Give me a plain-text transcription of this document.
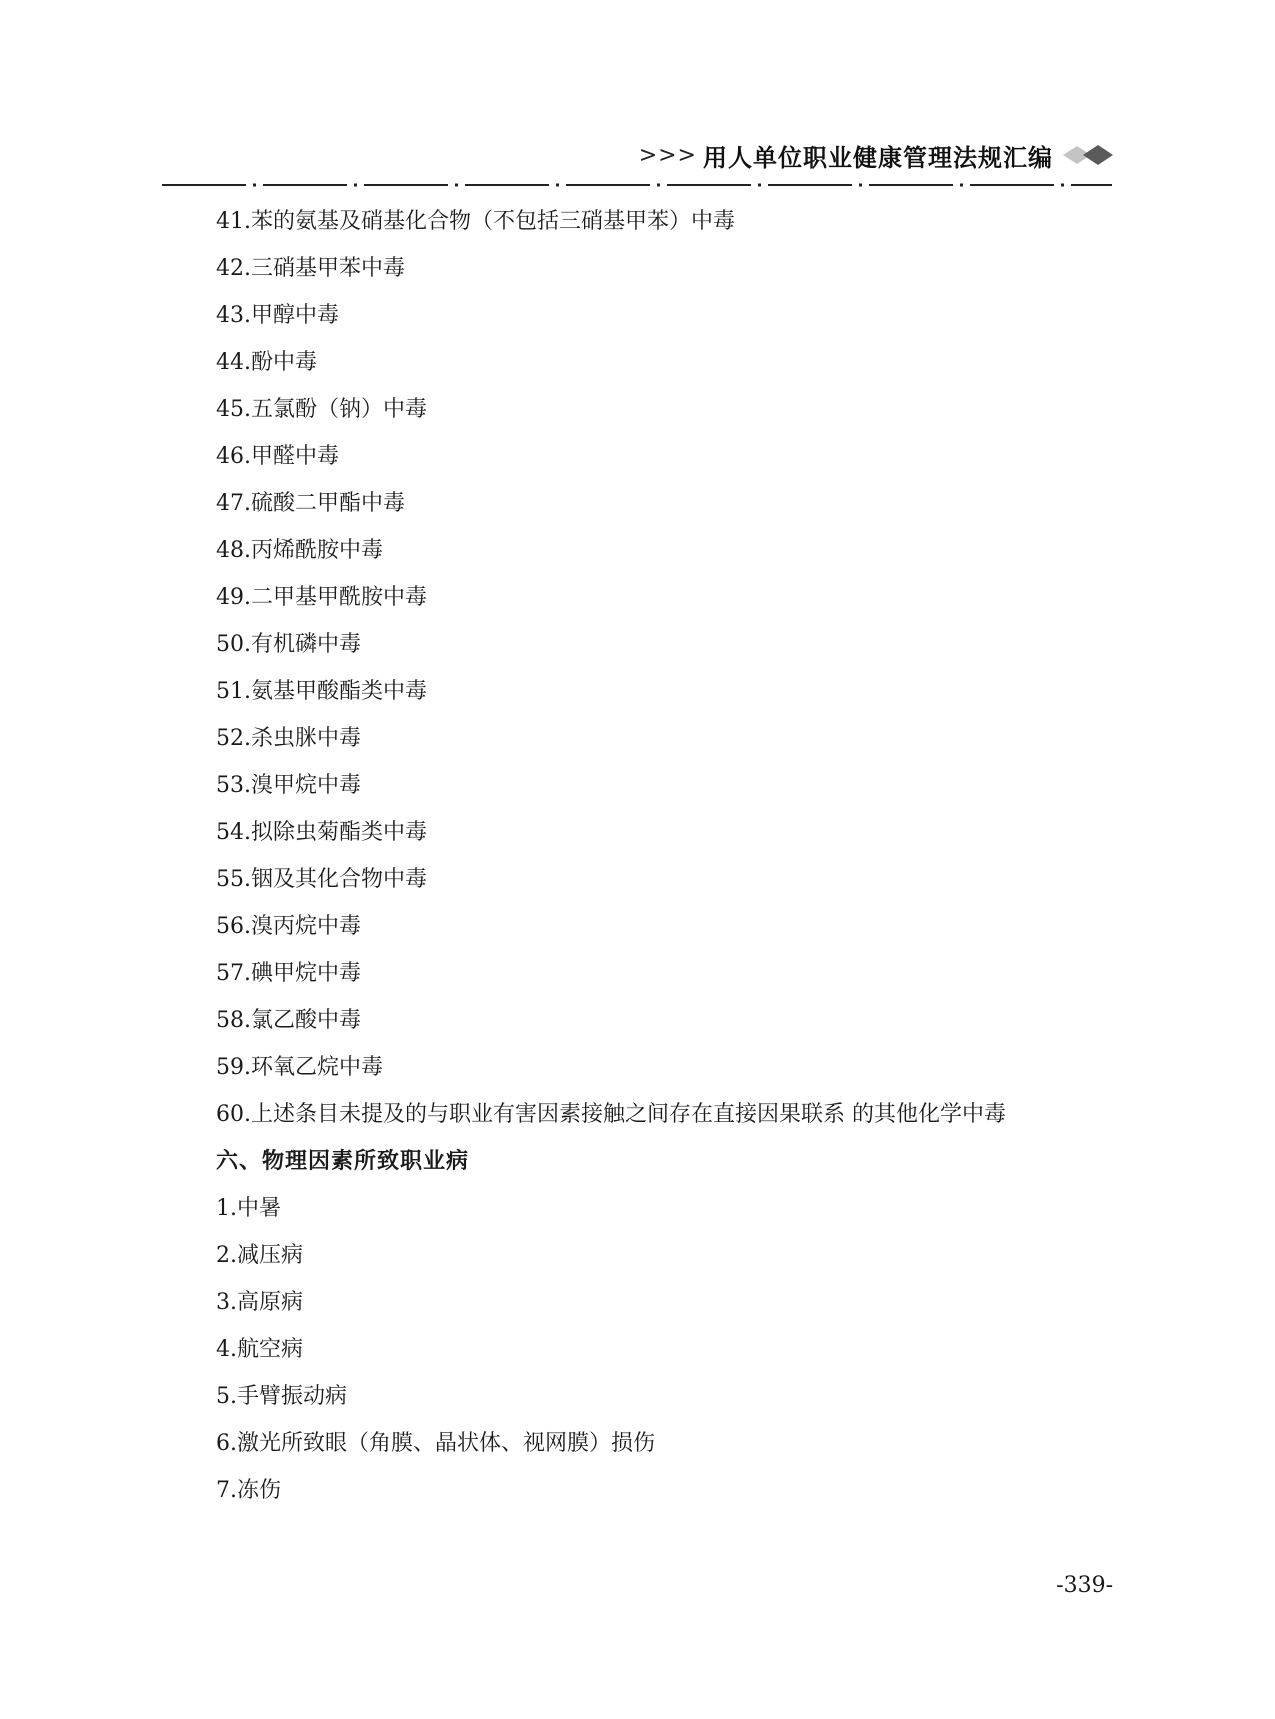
>>> 用人单位职业健康管理法规汇编
41.苯的氨基及硝基化合物（不包括三硝基甲苯）中毒
42.三硝基甲苯中毒
43.甲醇中毒
44.酚中毒
45.五氯酚（钠）中毒
46.甲醛中毒
47.硫酸二甲酯中毒
48.丙烯酰胺中毒
49.二甲基甲酰胺中毒
50.有机磷中毒
51.氨基甲酸酯类中毒
52.杀虫脒中毒
53.溴甲烷中毒
54.拟除虫菊酯类中毒
55.铟及其化合物中毒
56.溴丙烷中毒
57.碘甲烷中毒
58.氯乙酸中毒
59.环氧乙烷中毒
60.上述条目未提及的与职业有害因素接触之间存在直接因果联系 的其他化学中毒
六、物理因素所致职业病
1.中暑
2.减压病
3.高原病
4.航空病
5.手臂振动病
6.激光所致眼（角膜、晶状体、视网膜）损伤
7.冻伤
-339-
